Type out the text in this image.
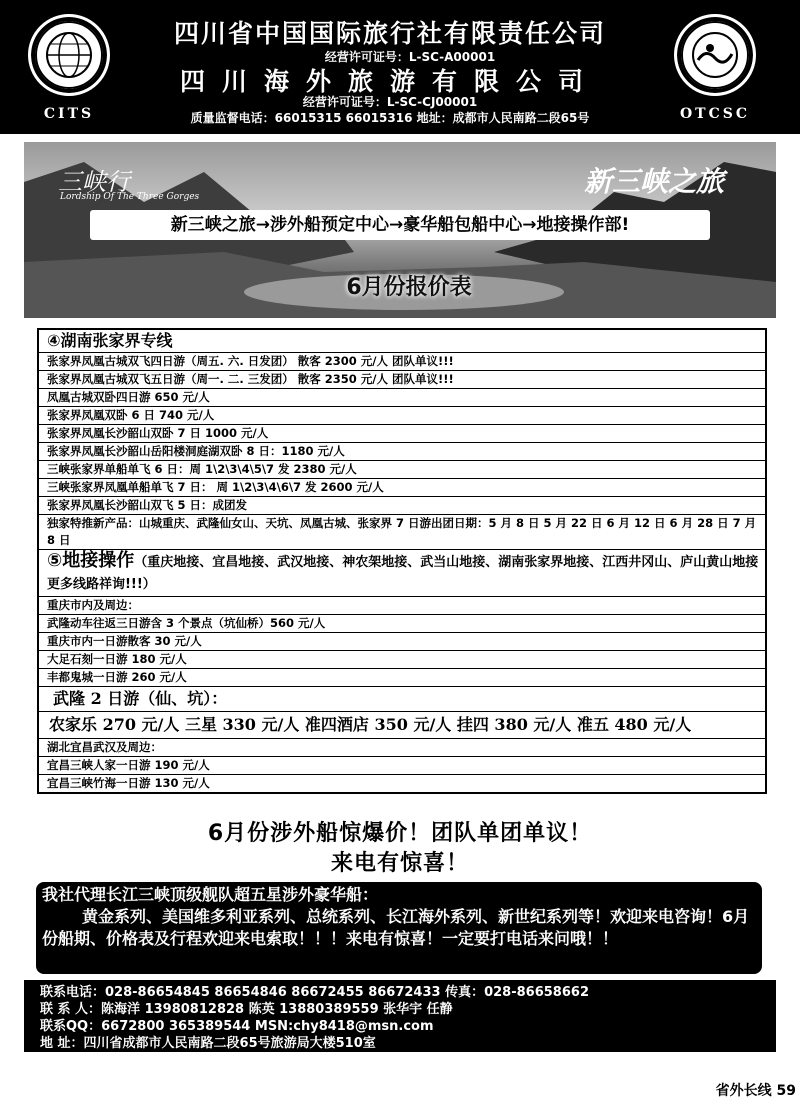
CITS
四川省中国国际旅行社有限责任公司
经营许可证号：L-SC-A00001
四川海外旅游有限公司
经营许可证号：L-SC-CJ00001
质量监督电话：66015315 66015316 地址：成都市人民南路二段65号	OTCSC
三峡行
Lordship Of The Three Gorges	新三峡之旅
新三峡之旅→涉外船预定中心→豪华船包船中心→地接操作部!
6月份报价表
④湖南张家界专线
张家界凤凰古城双飞四日游（周五. 六. 日发团） 散客 2300 元/人 团队单议!!!
张家界凤凰古城双飞五日游（周一. 二. 三发团） 散客 2350 元/人 团队单议!!!
凤凰古城双卧四日游 650 元/人
张家界凤凰双卧 6 日 740 元/人
张家界凤凰长沙韶山双卧 7 日 1000 元/人
张家界凤凰长沙韶山岳阳楼洞庭湖双卧 8 日：1180 元/人
三峡张家界单船单飞 6 日：周 1\2\3\4\5\7 发 2380 元/人
三峡张家界凤凰单船单飞 7 日： 周 1\2\3\4\6\7 发 2600 元/人
张家界凤凰长沙韶山双飞 5 日：成团发
独家特推新产品：山城重庆、武隆仙女山、天坑、凤凰古城、张家界 7 日游出团日期：5 月 8 日 5 月 22 日 6 月 12 日 6 月 28 日 7 月 8 日
⑤地接操作（重庆地接、宜昌地接、武汉地接、神农架地接、武当山地接、湖南张家界地接、江西井冈山、庐山黄山地接更多线路祥询!!!）
重庆市内及周边：
武隆动车往返三日游含 3 个景点（坑仙桥）560 元/人
重庆市内一日游散客 30 元/人
大足石刻一日游 180 元/人
丰都鬼城一日游 260 元/人
武隆 2 日游（仙、坑）：
农家乐 270 元/人 三星 330 元/人 准四酒店 350 元/人 挂四 380 元/人 准五 480 元/人
湖北宜昌武汉及周边：
宜昌三峡人家一日游 190 元/人
宜昌三峡竹海一日游 130 元/人
6月份涉外船惊爆价！团队单团单议！
来电有惊喜！
我社代理长江三峡顶级舰队超五星涉外豪华船：
黄金系列、美国维多利亚系列、总统系列、长江海外系列、新世纪系列等！欢迎来电咨询！6月份船期、价格表及行程欢迎来电索取！！！来电有惊喜！一定要打电话来问哦！！
联系电话：028-86654845 86654846 86672455 86672433 传真：028-86658662
联 系 人：陈海洋 13980812828 陈英 13880389559 张华宇 任静
联系QQ：6672800 365389544 MSN:chy8418@msn.com
地 址：四川省成都市人民南路二段65号旅游局大楼510室
省外长线 59
